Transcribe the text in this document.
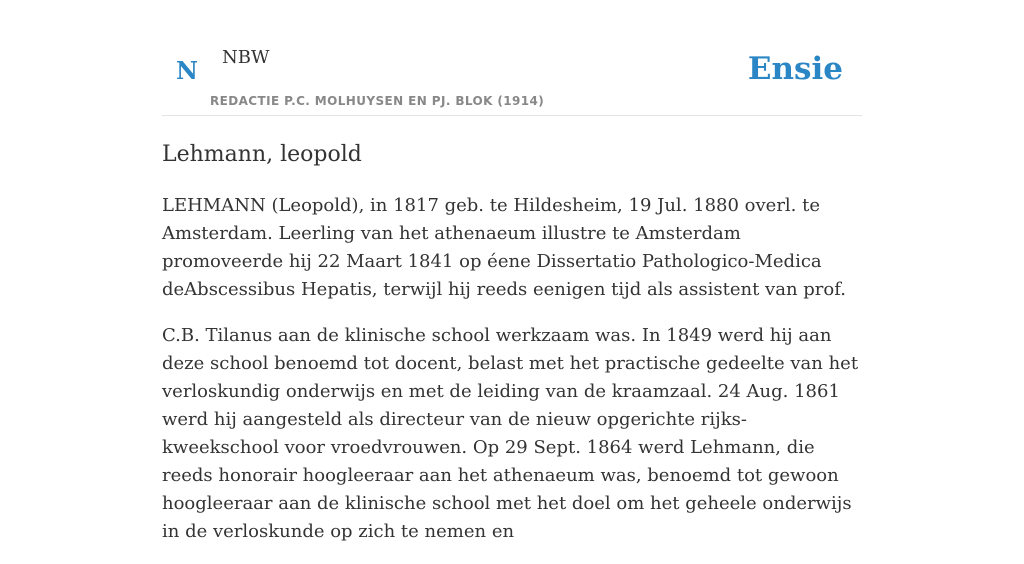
N NBW
REDACTIE P.C. MOLHUYSEN EN PJ. BLOK (1914)
Ensie
Lehmann, leopold

LEHMANN (Leopold), in 1817 geb. te Hildesheim, 19 Jul. 1880 overl. te Amsterdam. Leerling van het athenaeum illustre te Amsterdam promoveerde hij 22 Maart 1841 op éene Dissertatio Pathologico-Medica deAbscessibus Hepatis, terwijl hij reeds eenigen tijd als assistent van prof.

C.B. Tilanus aan de klinische school werkzaam was. In 1849 werd hij aan deze school benoemd tot docent, belast met het practische gedeelte van het verloskundig onderwijs en met de leiding van de kraamzaal. 24 Aug. 1861 werd hij aangesteld als directeur van de nieuw opgerichte rijks-kweekschool voor vroedvrouwen. Op 29 Sept. 1864 werd Lehmann, die reeds honorair hoogleeraar aan het athenaeum was, benoemd tot gewoon hoogleeraar aan de klinische school met het doel om het geheele onderwijs in de verloskunde op zich te nemen en
